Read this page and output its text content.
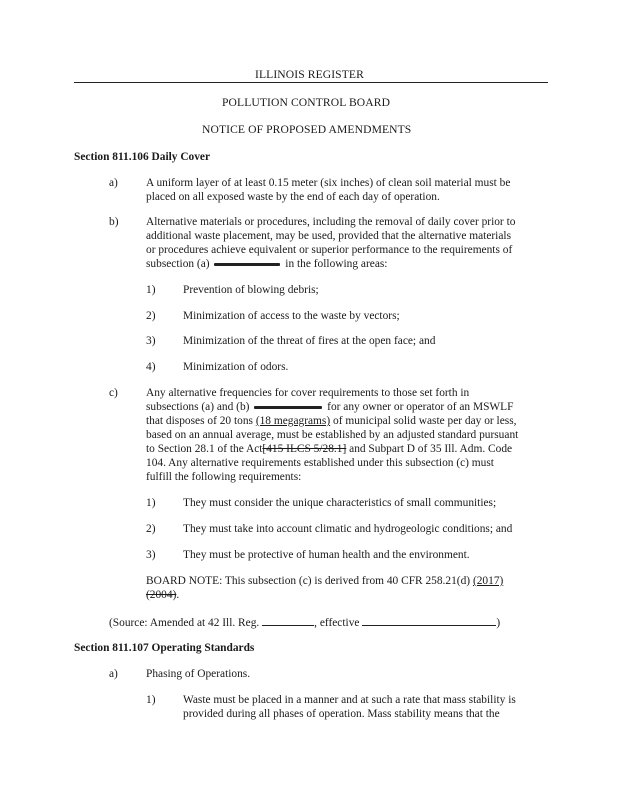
ILLINOIS REGISTER
POLLUTION CONTROL BOARD
NOTICE OF PROPOSED AMENDMENTS
Section 811.106 Daily Cover
a) A uniform layer of at least 0.15 meter (six inches) of clean soil material must be
placed on all exposed waste by the end of each day of operation.
b) Alternative materials or procedures, including the removal of daily cover prior to
additional waste placement, may be used, provided that the alternative materials
or procedures achieve equivalent or superior performance to the requirements of
subsection (a)	in the following areas:
1) Prevention of blowing debris;
2) Minimization of access to the waste by vectors;
3) Minimization of the threat of fires at the open face; and
4) Minimization of odors.
c) Any alternative frequencies for cover requirements to those set forth in
subsections (a) and (b)	for any owner or operator of an MSWLF
that disposes of 20 tons (18 megagrams) of municipal solid waste per day or less,
based on an annual average, must be established by an adjusted standard pursuant
to Section 28.1 of the Act[415 ILCS 5/28.1] and Subpart D of 35 Ill. Adm. Code
104. Any alternative requirements established under this subsection (c) must
fulfill the following requirements:
1) They must consider the unique characteristics of small communities;
2) They must take into account climatic and hydrogeologic conditions; and
3) They must be protective of human health and the environment.
BOARD NOTE: This subsection (c) is derived from 40 CFR 258.21(d) (2017)
(2004).
(Source: Amended at 42 Ill. Reg.	, effective	)
Section 811.107 Operating Standards
a) Phasing of Operations.
1) Waste must be placed in a manner and at such a rate that mass stability is
provided during all phases of operation. Mass stability means that the
